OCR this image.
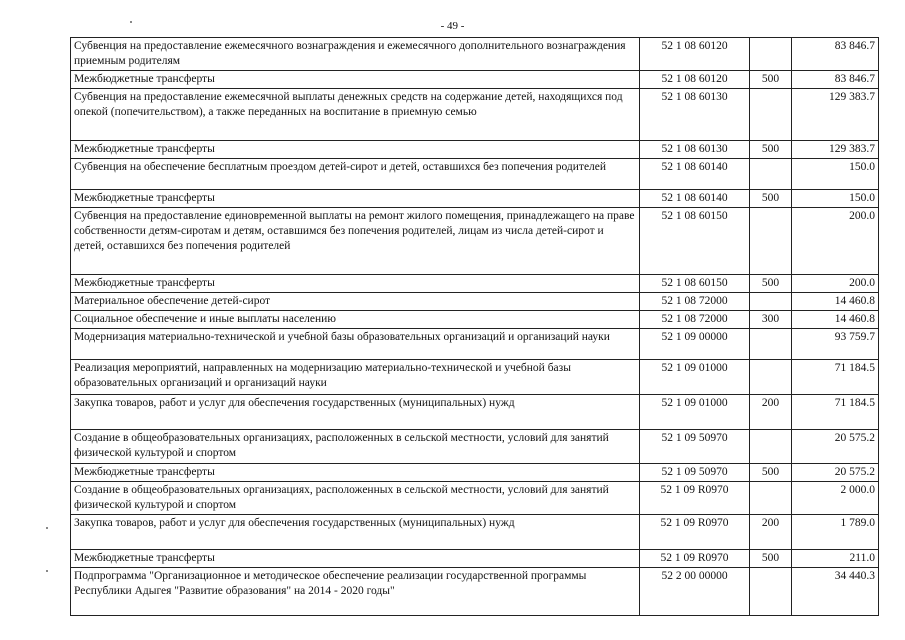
- 49 -
Субвенция на предоставление ежемесячного вознаграждения и ежемесячного дополнительного вознаграждения приемным родителям	52 1 08 60120		83 846.7
Межбюджетные трансферты	52 1 08 60120	500	83 846.7
Субвенция на предоставление ежемесячной выплаты денежных средств на содержание детей, находящихся под опекой (попечительством), а также переданных на воспитание в приемную семью	52 1 08 60130		129 383.7
Межбюджетные трансферты	52 1 08 60130	500	129 383.7
Субвенция на обеспечение бесплатным проездом детей-сирот и детей, оставшихся без попечения родителей	52 1 08 60140		150.0
Межбюджетные трансферты	52 1 08 60140	500	150.0
Субвенция на предоставление единовременной выплаты на ремонт жилого помещения, принадлежащего на праве собственности детям-сиротам и детям, оставшимся без попечения родителей, лицам из числа детей-сирот и детей, оставшихся без попечения родителей	52 1 08 60150		200.0
Межбюджетные трансферты	52 1 08 60150	500	200.0
Материальное обеспечение детей-сирот	52 1 08 72000		14 460.8
Социальное обеспечение и иные выплаты населению	52 1 08 72000	300	14 460.8
Модернизация материально-технической и учебной базы образовательных организаций и организаций науки	52 1 09 00000		93 759.7
Реализация мероприятий, направленных на модернизацию материально-технической и учебной базы образовательных организаций и организаций науки	52 1 09 01000		71 184.5
Закупка товаров, работ и услуг для обеспечения государственных (муниципальных) нужд	52 1 09 01000	200	71 184.5
Создание в общеобразовательных организациях, расположенных в сельской местности, условий для занятий физической культурой и спортом	52 1 09 50970		20 575.2
Межбюджетные трансферты	52 1 09 50970	500	20 575.2
Создание в общеобразовательных организациях, расположенных в сельской местности, условий для занятий физической культурой и спортом	52 1 09 R0970		2 000.0
Закупка товаров, работ и услуг для обеспечения государственных (муниципальных) нужд	52 1 09 R0970	200	1 789.0
Межбюджетные трансферты	52 1 09 R0970	500	211.0
Подпрограмма "Организационное и методическое обеспечение реализации государственной программы Республики Адыгея "Развитие образования" на 2014 - 2020 годы"	52 2 00 00000		34 440.3
